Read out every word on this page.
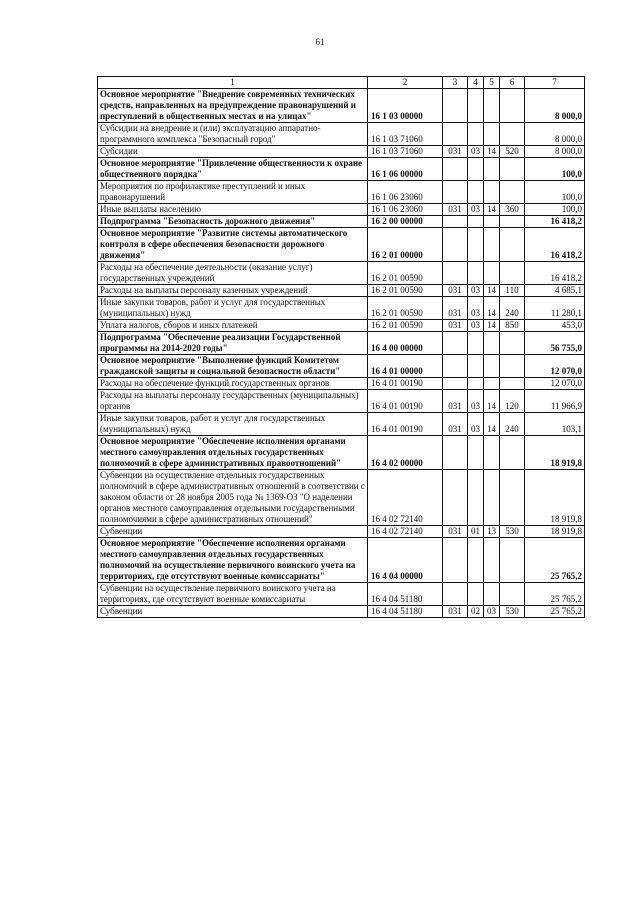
61
1	2	3	4	5	6	7
Основное мероприятие "Внедрение современных технических средств, направленных на предупреждение правонарушений и преступлений в общественных местах и на улицах"	16 1 03 00000					8 000,0
Субсидии на внедрение и (или) эксплуатацию аппаратно-программного комплекса "Безопасный город"	16 1 03 71060					8 000,0
Субсидии	16 1 03 71060	031	03	14	520	8 000,0
Основное мероприятие "Привлечение общественности к охране общественного порядка"	16 1 06 00000					100,0
Мероприятия по профилактике преступлений и иных правонарушений	16 1 06 23060					100,0
Иные выплаты населению	16 1 06 23060	031	03	14	360	100,0
Подпрограмма "Безопасность дорожного движения"	16 2 00 00000					16 418,2
Основное мероприятие "Развитие системы автоматического контроля в сфере обеспечения безопасности дорожного движения"	16 2 01 00000					16 418,2
Расходы на обеспечение деятельности (оказание услуг) государственных учреждений	16 2 01 00590					16 418,2
Расходы на выплаты персоналу казенных учреждений	16 2 01 00590	031	03	14	110	4 685,1
Иные закупки товаров, работ и услуг для государственных (муниципальных) нужд	16 2 01 00590	031	03	14	240	11 280,1
Уплата налогов, сборов и иных платежей	16 2 01 00590	031	03	14	850	453,0
Подпрограмма "Обеспечение реализации Государственной программы на 2014-2020 годы"	16 4 00 00000					56 755,0
Основное мероприятие "Выполнение функций Комитетом гражданской защиты и социальной безопасности области"	16 4 01 00000					12 070,0
Расходы на обеспечение функций государственных органов	16 4 01 00190					12 070,0
Расходы на выплаты персоналу государственных (муниципальных) органов	16 4 01 00190	031	03	14	120	11 966,9
Иные закупки товаров, работ и услуг для государственных (муниципальных) нужд	16 4 01 00190	031	03	14	240	103,1
Основное мероприятие "Обеспечение исполнения органами местного самоуправления отдельных государственных полномочий в сфере административных правоотношений"	16 4 02 00000					18 919,8
Субвенции на осуществление отдельных государственных полномочий в сфере административных отношений в соответствии с законом области от 28 ноября 2005 года № 1369-ОЗ "О наделении органов местного самоуправления отдельными государственными полномочиями в сфере административных отношений"	16 4 02 72140					18 919,8
Субвенции	16 4 02 72140	031	01	13	530	18 919,8
Основное мероприятие "Обеспечение исполнения органами местного самоуправления отдельных государственных полномочий на осуществление первичного воинского учета на территориях, где отсутствуют военные комиссариаты"	16 4 04 00000					25 765,2
Субвенции на осуществление первичного воинского учета на территориях, где отсутствуют военные комиссариаты	16 4 04 51180					25 765,2
Субвенции	16 4 04 51180	031	02	03	530	25 765,2
